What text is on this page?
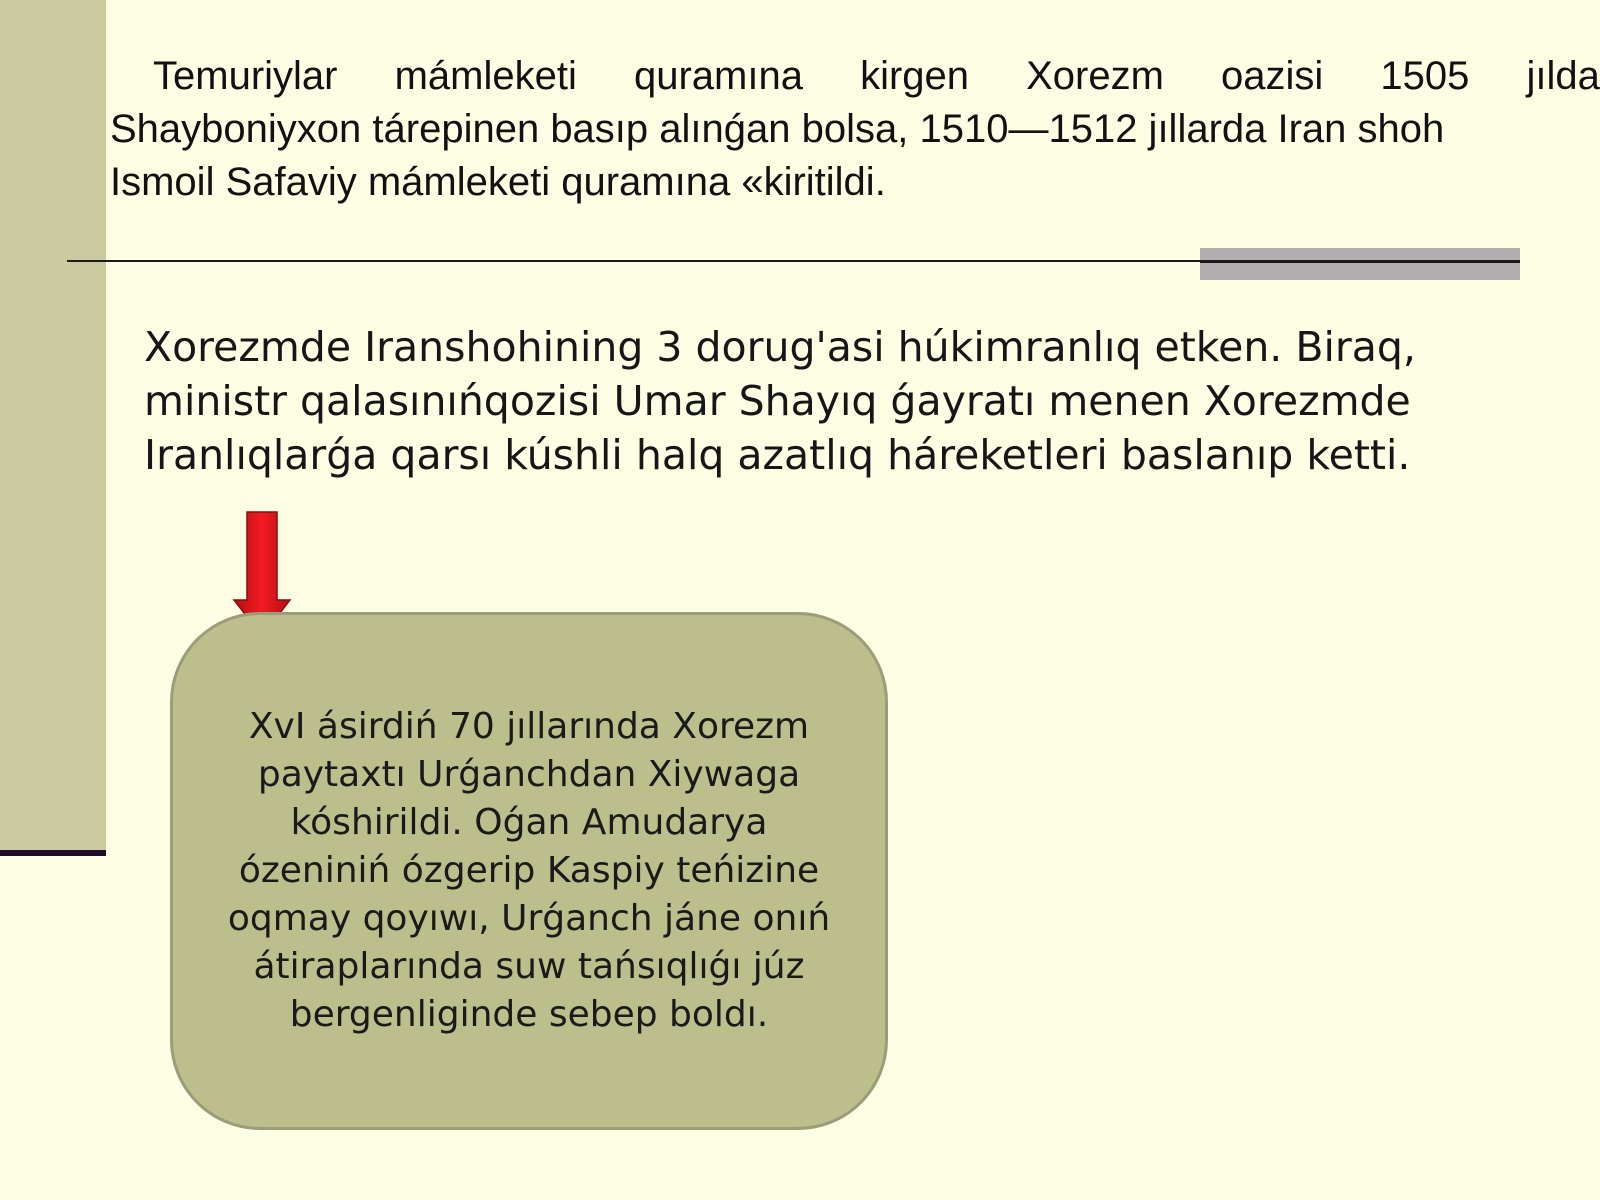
Temuriylar mámleketi quramına kirgen Xorezm oazisi 1505 jılda
Shayboniyxon tárepinen basıp alınǵan bolsa, 1510—1512 jıllarda Iran shoh
Ismoil Safaviy mámleketi quramına «kiritildi.
Xorezmde Iranshohining 3 dorug'asi húkimranlıq etken. Biraq,
ministr qalasınıńqozisi Umar Shayıq ǵayratı menen Xorezmde
Iranlıqlarǵa qarsı kúshli halq azatlıq háreketleri baslanıp ketti.
XvI ásirdiń 70 jıllarında Xorezm
paytaxtı Urǵanchdan Xiywaga
kóshirildi. Oǵan Amudarya
ózeniniń ózgerip Kaspiy teńizine
oqmay qoyıwı, Urǵanch jáne onıń
átiraplarında suw tańsıqlıǵı júz
bergenliginde sebep boldı.
